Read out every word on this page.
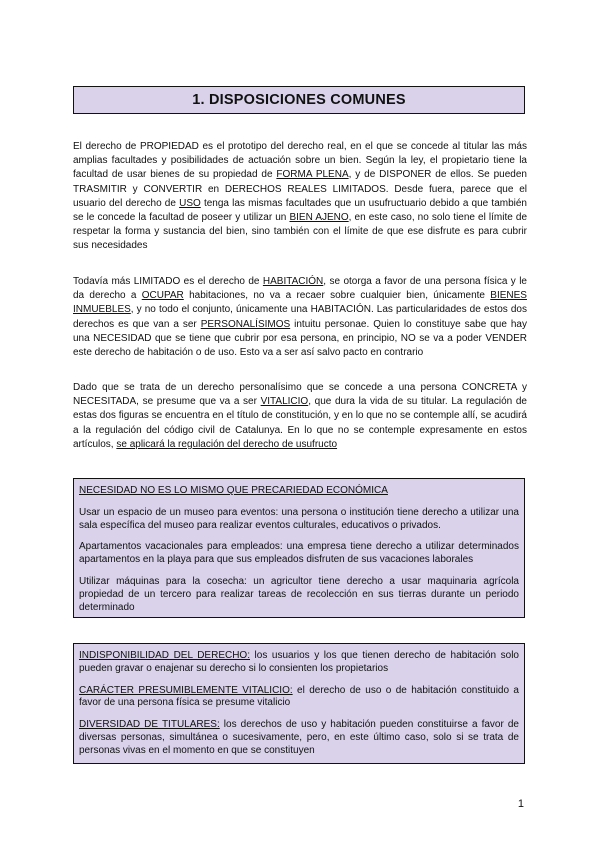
1. DISPOSICIONES COMUNES

El derecho de PROPIEDAD es el prototipo del derecho real, en el que se concede al titular las más amplias facultades y posibilidades de actuación sobre un bien. Según la ley, el propietario tiene la facultad de usar bienes de su propiedad de FORMA PLENA, y de DISPONER de ellos. Se pueden TRASMITIR y CONVERTIR en DERECHOS REALES LIMITADOS. Desde fuera, parece que el usuario del derecho de USO tenga las mismas facultades que un usufructuario debido a que también se le concede la facultad de poseer y utilizar un BIEN AJENO, en este caso, no solo tiene el límite de respetar la forma y sustancia del bien, sino también con el límite de que ese disfrute es para cubrir sus necesidades

Todavía más LIMITADO es el derecho de HABITACIÓN, se otorga a favor de una persona física y le da derecho a OCUPAR habitaciones, no va a recaer sobre cualquier bien, únicamente BIENES INMUEBLES, y no todo el conjunto, únicamente una HABITACIÓN. Las particularidades de estos dos derechos es que van a ser PERSONALÍSIMOS intuitu personae. Quien lo constituye sabe que hay una NECESIDAD que se tiene que cubrir por esa persona, en principio, NO se va a poder VENDER este derecho de habitación o de uso. Esto va a ser así salvo pacto en contrario

Dado que se trata de un derecho personalísimo que se concede a una persona CONCRETA y NECESITADA, se presume que va a ser VITALICIO, que dura la vida de su titular. La regulación de estas dos figuras se encuentra en el título de constitución, y en lo que no se contemple allí, se acudirá a la regulación del código civil de Catalunya. En lo que no se contemple expresamente en estos artículos, se aplicará la regulación del derecho de usufructo

NECESIDAD NO ES LO MISMO QUE PRECARIEDAD ECONÓMICA

Usar un espacio de un museo para eventos: una persona o institución tiene derecho a utilizar una sala específica del museo para realizar eventos culturales, educativos o privados.

Apartamentos vacacionales para empleados: una empresa tiene derecho a utilizar determinados apartamentos en la playa para que sus empleados disfruten de sus vacaciones laborales

Utilizar máquinas para la cosecha: un agricultor tiene derecho a usar maquinaria agrícola propiedad de un tercero para realizar tareas de recolección en sus tierras durante un periodo determinado

INDISPONIBILIDAD DEL DERECHO: los usuarios y los que tienen derecho de habitación solo pueden gravar o enajenar su derecho si lo consienten los propietarios

CARÁCTER PRESUMIBLEMENTE VITALICIO: el derecho de uso o de habitación constituido a favor de una persona física se presume vitalicio

DIVERSIDAD DE TITULARES: los derechos de uso y habitación pueden constituirse a favor de diversas personas, simultánea o sucesivamente, pero, en este último caso, solo si se trata de personas vivas en el momento en que se constituyen

1
